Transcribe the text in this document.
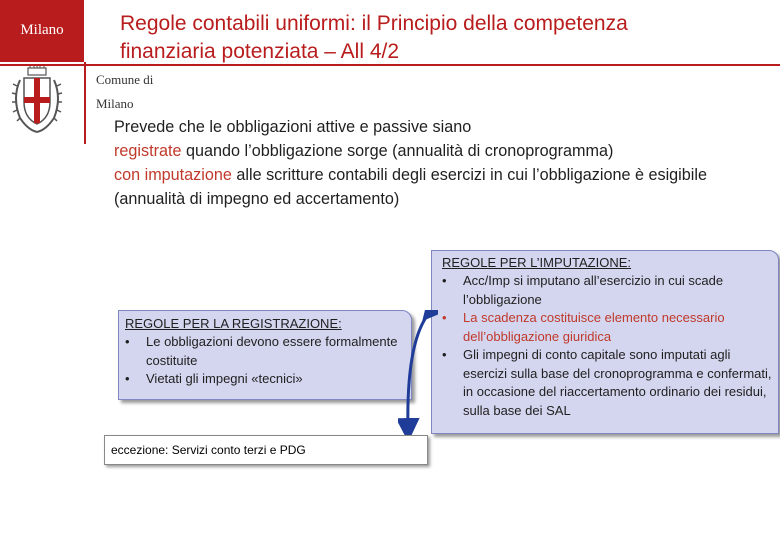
Milano	Regole contabili uniformi: il Principio della competenza
finanziaria potenziata – All 4/2
Comune di
Milano

Prevede che le obbligazioni attive e passive siano

registrate quando l’obbligazione sorge (annualità di cronoprogramma)

con imputazione alle scritture contabili degli esercizi in cui l’obbligazione è esigibile (annualità di impegno ed accertamento)

REGOLE PER LA REGISTRAZIONE:
• Le obbligazioni devono essere formalmente costituite
• Vietati gli impegni «tecnici»
REGOLE PER L’IMPUTAZIONE:
• Acc/Imp si imputano all’esercizio in cui scade l’obbligazione
• La scadenza costituisce elemento necessario dell’obbligazione giuridica
• Gli impegni di conto capitale sono imputati agli esercizi sulla base del cronoprogramma e confermati, in occasione del riaccertamento ordinario dei residui, sulla base dei SAL
eccezione: Servizi conto terzi e PDG
